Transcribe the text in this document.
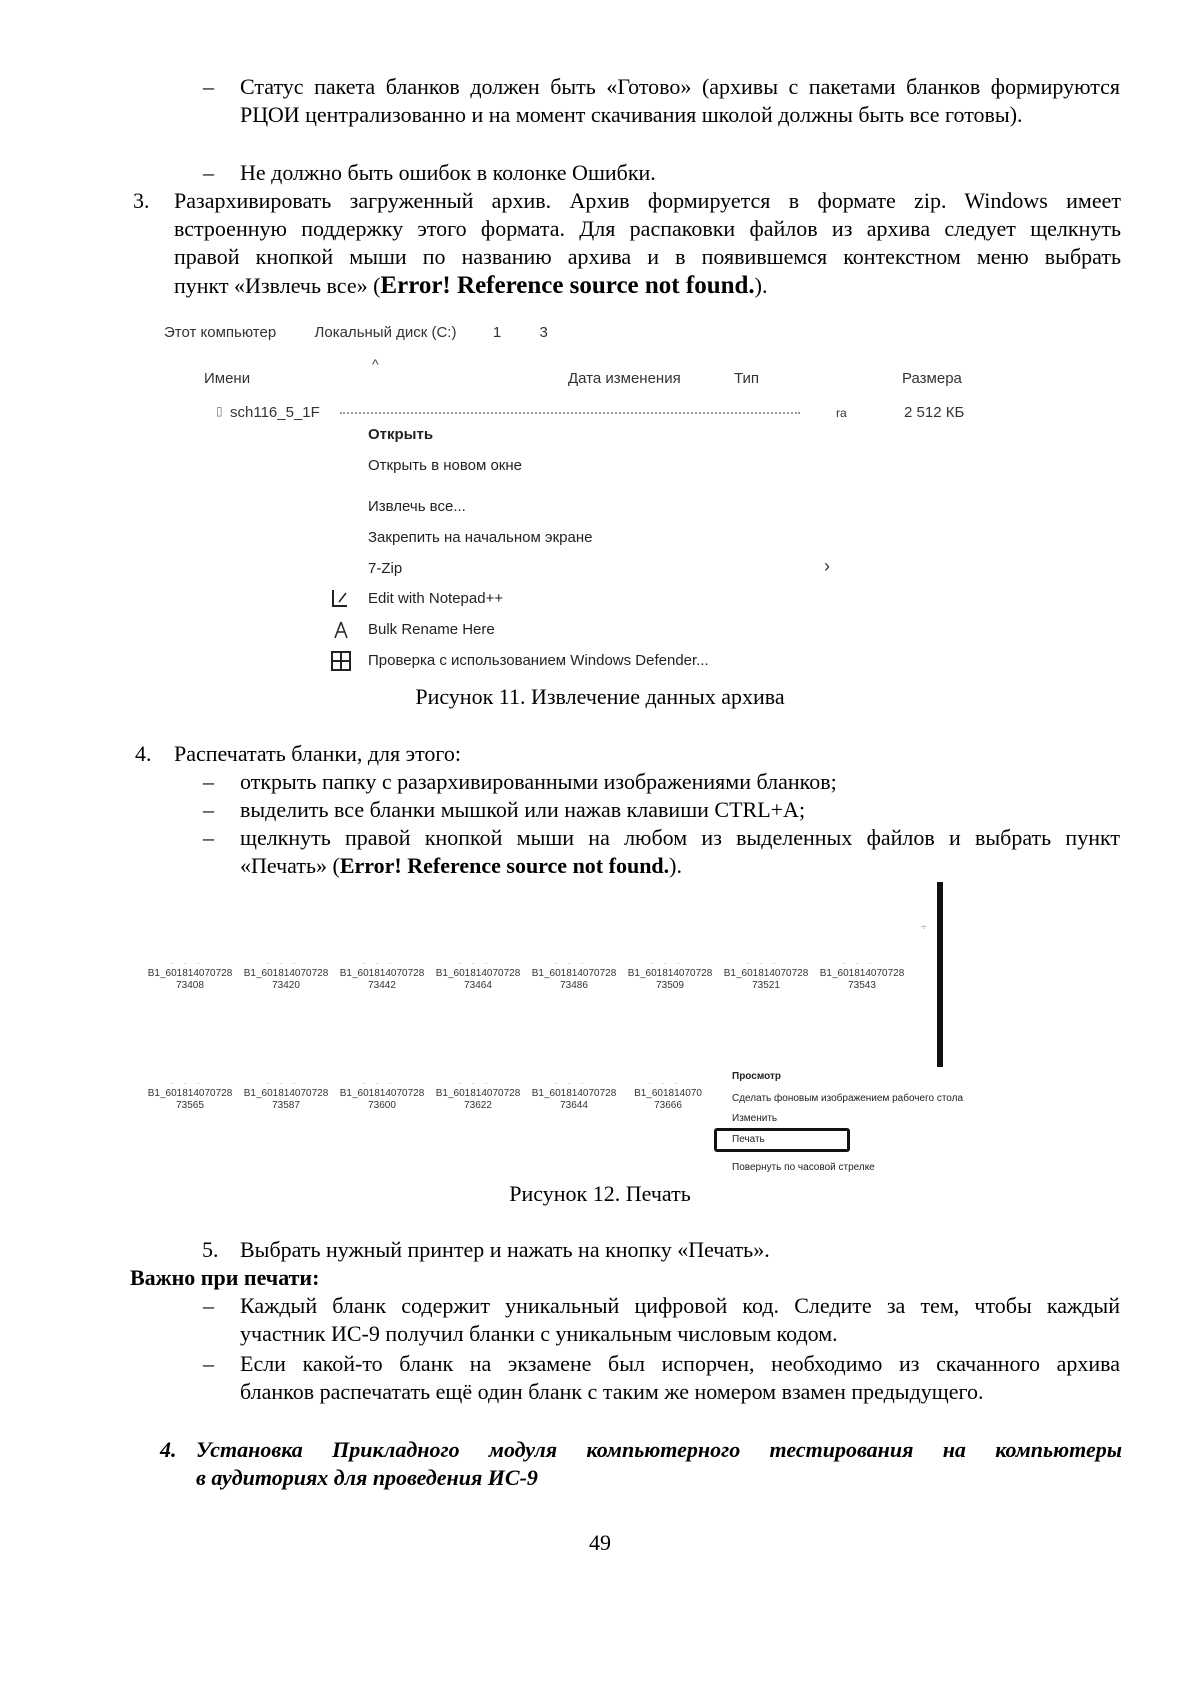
– Статус пакета бланков должен быть «Готово» (архивы с пакетами бланков формируются РЦОИ централизованно и на момент скачивания школой должны быть все готовы).
– Не должно быть ошибок в колонке Ошибки.
3. Разархивировать загруженный архив. Архив формируется в формате zip. Windows имеет
встроенную поддержку этого формата. Для распаковки файлов из архива следует щелкнуть
правой кнопкой мыши по названию архива и в появившемся контекстном меню выбрать
пункт «Извлечь все» (Error! Reference source not found.).
Этот компьютер	Локальный диск (C:) 1	3
^
Имени	Дата изменения	Тип	Размера
▯ sch116_5_1F	ra	2 512 КБ
Открыть
Открыть в новом окне
Извлечь все...
Закрепить на начальном экране
7-Zip	›
Edit with Notepad++
Bulk Rename Here
Проверка с использованием Windows Defender...
Рисунок 11. Извлечение данных архива
4. Распечатать бланки, для этого:
– открыть папку с разархивированными изображениями бланков;
– выделить все бланки мышкой или нажав клавиши CTRL+A;
– щелкнуть правой кнопкой мыши на любом из выделенных файлов и выбрать пункт
«Печать» (Error! Reference source not found.).
÷
···
B1_601814070728
73408
···
B1_601814070728
73420
···
B1_601814070728
73442
···
B1_601814070728
73464
···
B1_601814070728
73486
···
B1_601814070728
73509
···
B1_601814070728
73521
···
B1_601814070728
73543
···
B1_601814070728
73565
···
B1_601814070728
73587
···
B1_601814070728
73600
···
B1_601814070728
73622
···
B1_601814070728
73644
···
B1_601814070
73666
Просмотр
Сделать фоновым изображением рабочего стола
Изменить
Печать
Повернуть по часовой стрелке
Рисунок 12. Печать
5. Выбрать нужный принтер и нажать на кнопку «Печать».
Важно при печати:
– Каждый бланк содержит уникальный цифровой код. Следите за тем, чтобы каждый
участник ИС-9 получил бланки с уникальным числовым кодом.
– Если какой-то бланк на экзамене был испорчен, необходимо из скачанного архива
бланков распечатать ещё один бланк с таким же номером взамен предыдущего.
4. Установка Прикладного модуля компьютерного тестирования на компьютеры
в аудиториях для проведения ИС-9
49
